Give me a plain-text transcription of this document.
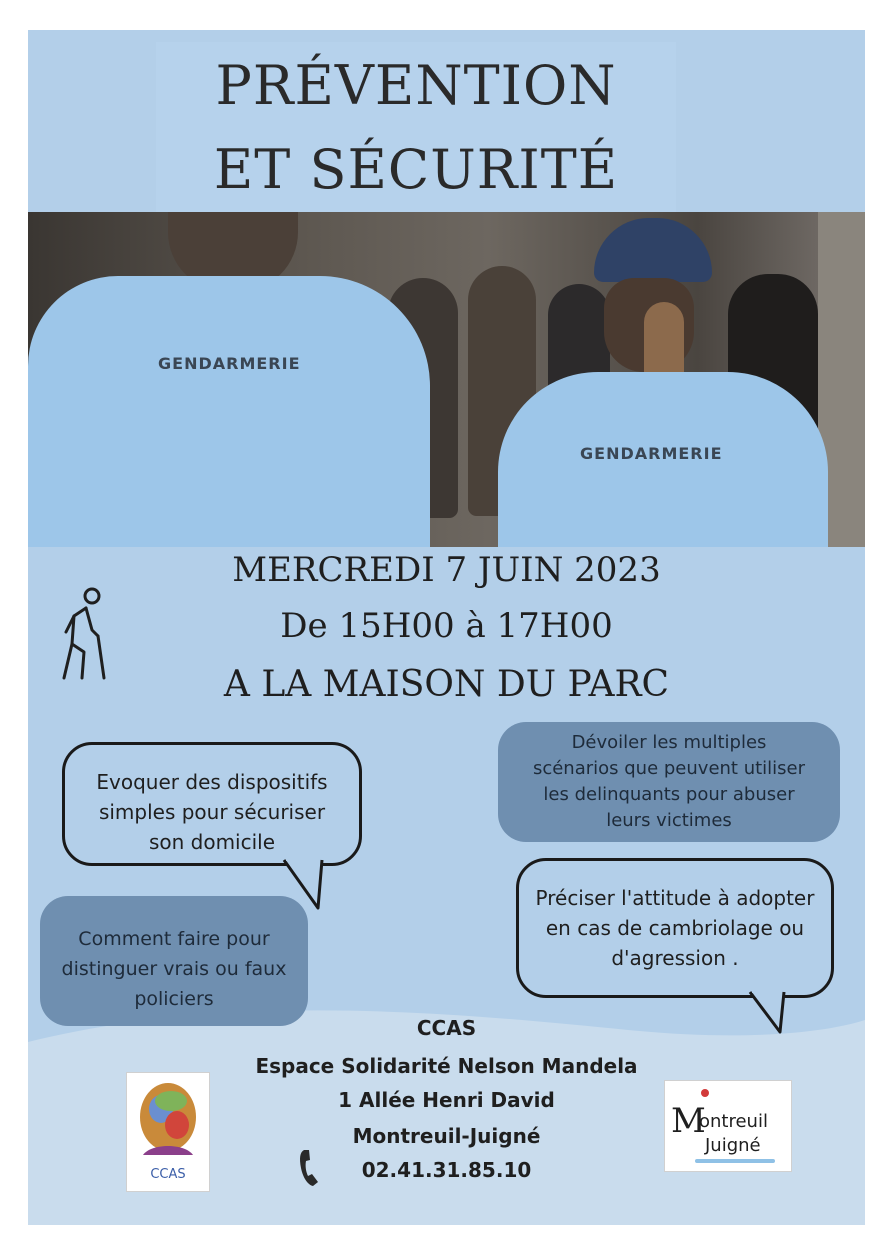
PRÉVENTION
ET SÉCURITÉ
GENDARMERIE
GENDARMERIE
MERCREDI 7 JUIN 2023
De 15H00 à 17H00
A LA MAISON DU PARC
Evoquer des dispositifs
simples pour sécuriser
son domicile
Dévoiler les multiples
scénarios que peuvent utiliser
les delinquants pour abuser
leurs victimes
Préciser l'attitude à adopter
en cas de cambriolage ou
d'agression .
Comment faire pour
distinguer vrais ou faux
policiers
CCAS
Espace Solidarité Nelson Mandela
1 Allée Henri David
Montreuil-Juigné
02.41.31.85.10
CCAS
M
ontreuil
Juigné
